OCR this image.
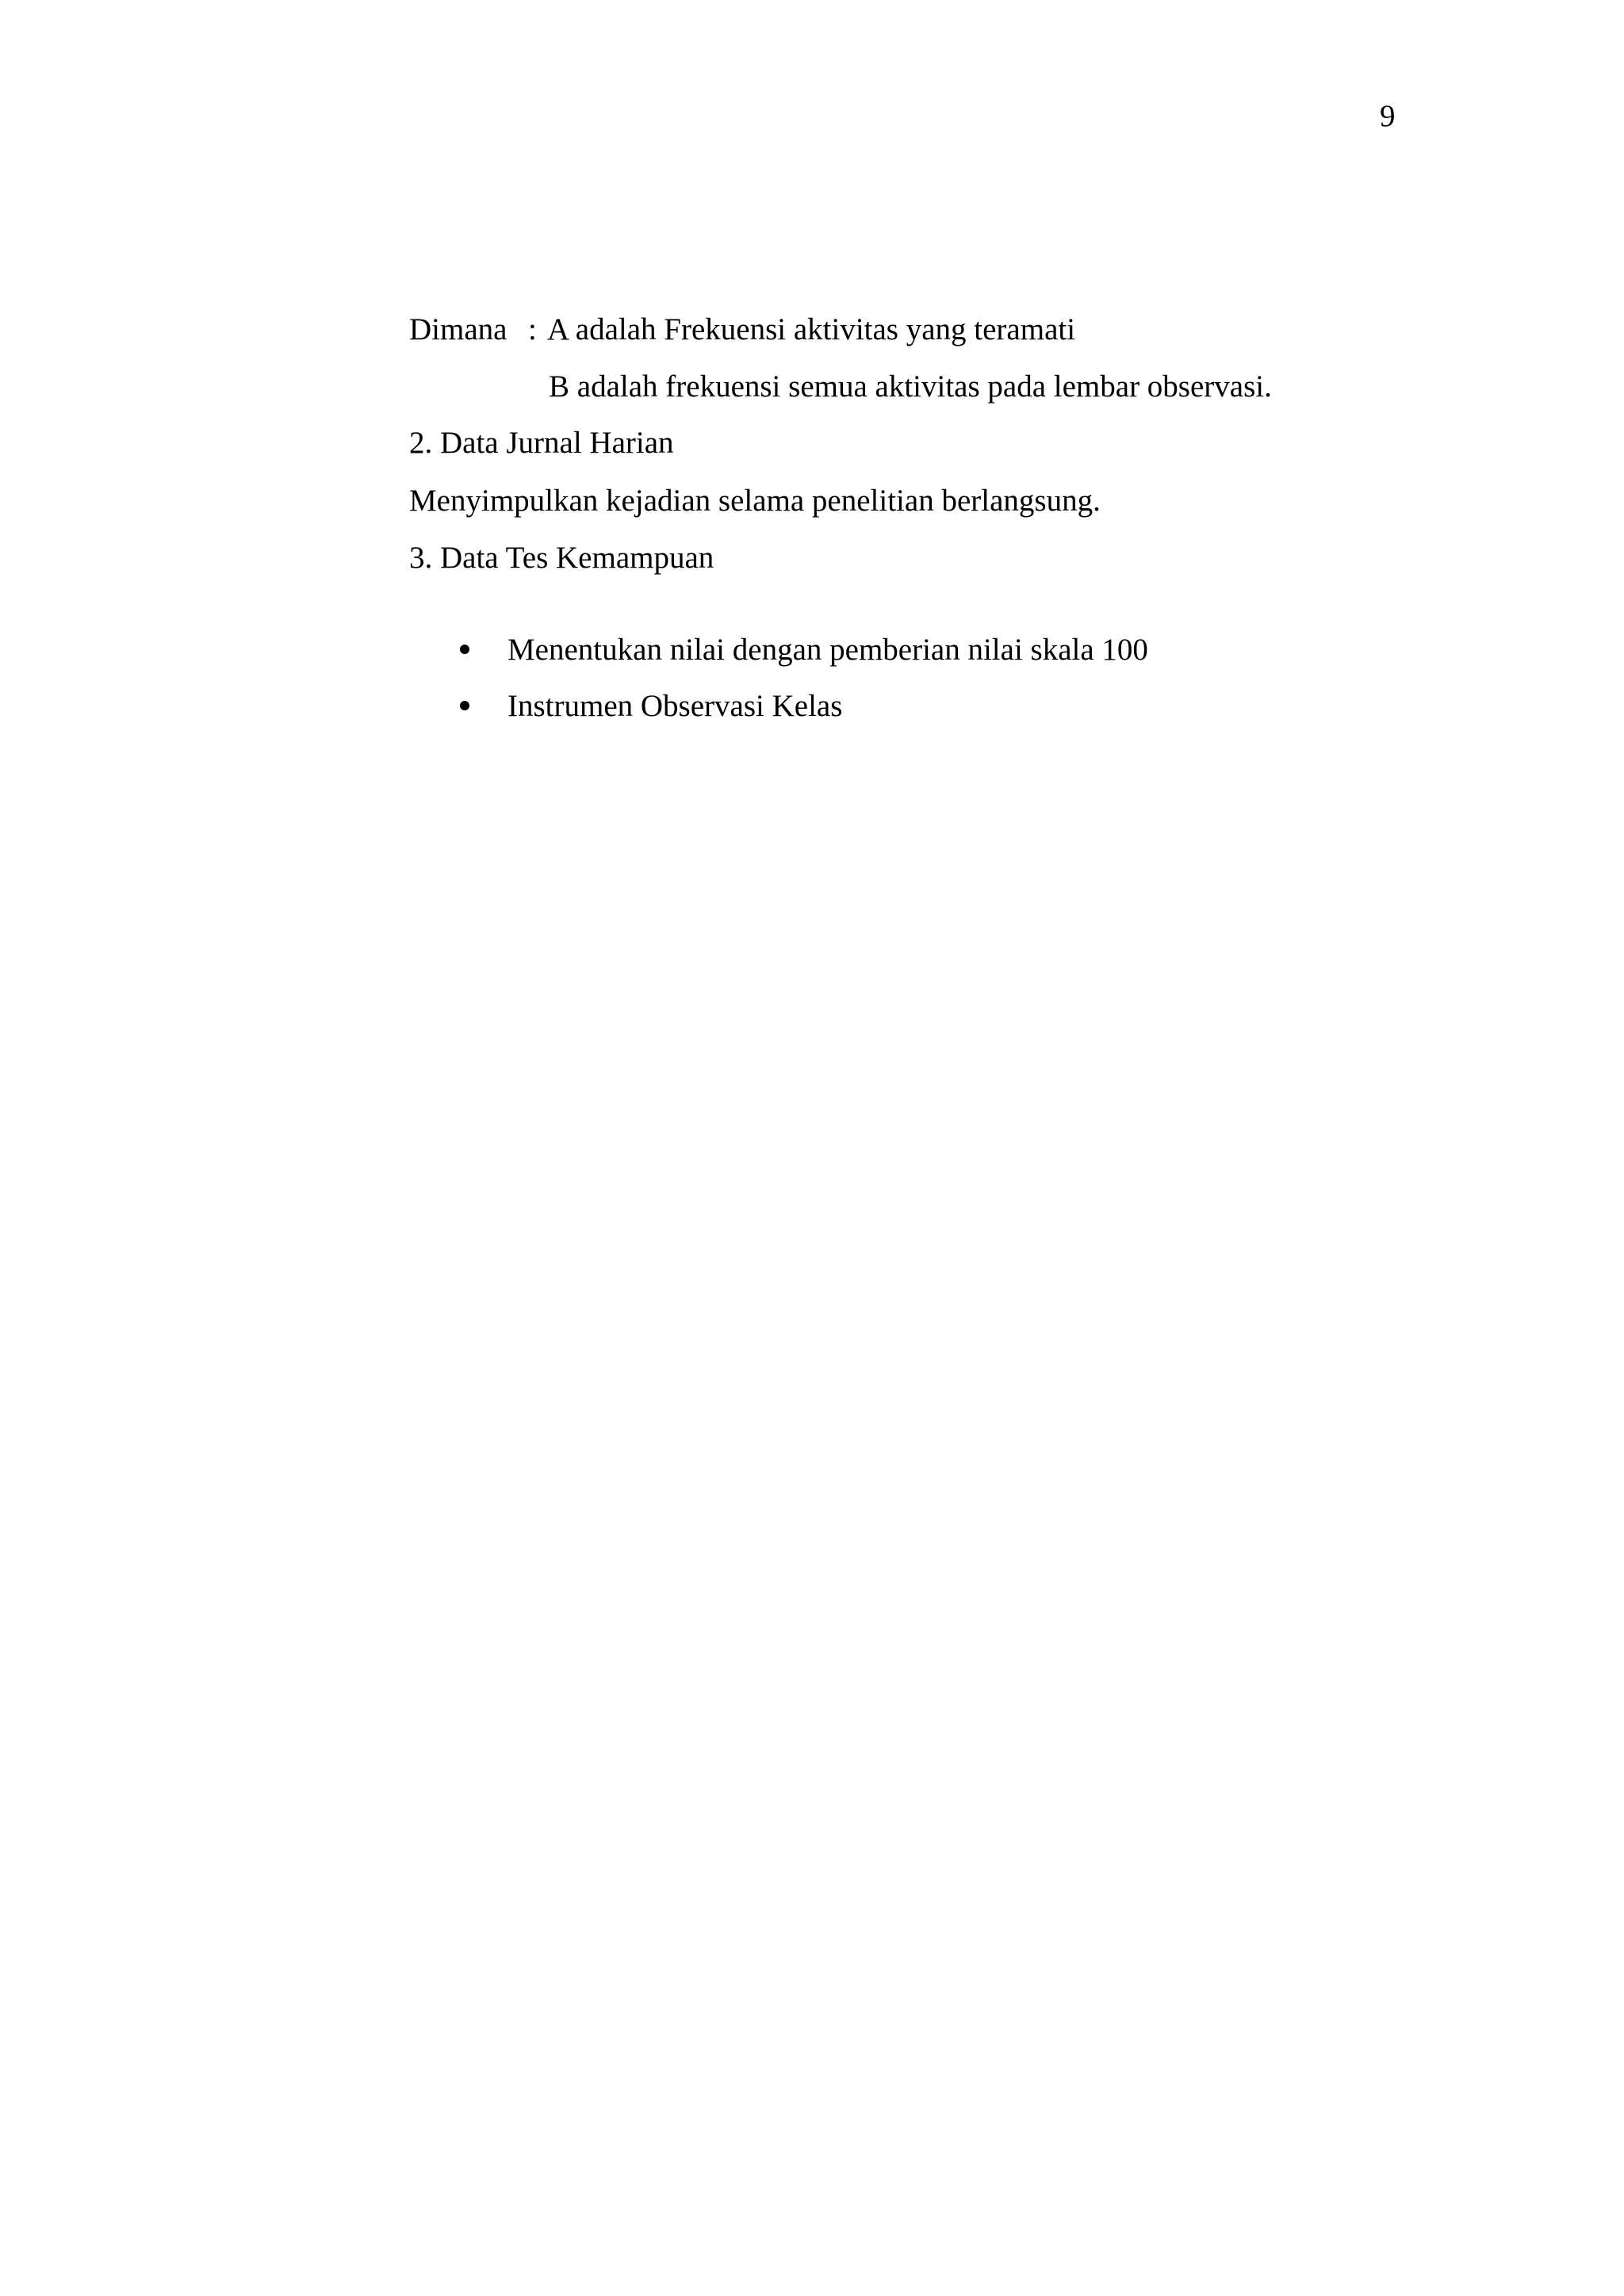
9
Dimana : A adalah Frekuensi aktivitas yang teramati
B adalah frekuensi semua aktivitas pada lembar observasi.
2. Data Jurnal Harian
Menyimpulkan kejadian selama penelitian berlangsung.
3. Data Tes Kemampuan
Menentukan nilai dengan pemberian nilai skala 100
Instrumen Observasi Kelas
